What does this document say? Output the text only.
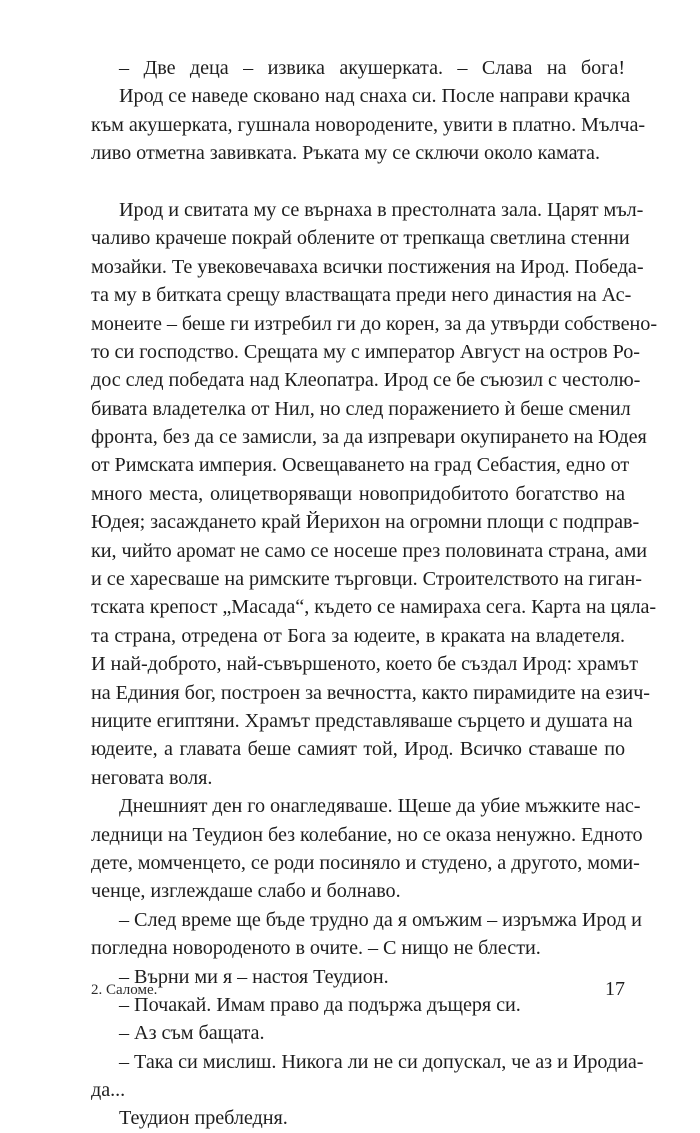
– Две деца – извика акушерката. – Слава на бога!
Ирод се наведе сковано над снаха си. После направи крачка
към акушерката, гушнала новородените, увити в платно. Мълча-
ливо отметна завивката. Ръката му се сключи около камата.
Ирод и свитата му се върнаха в престолната зала. Царят мъл-
чаливо крачеше покрай облените от трепкаща светлина стенни
мозайки. Те увековечаваха всички постижения на Ирод. Победа-
та му в битката срещу властващата преди него династия на Ас-
монеите – беше ги изтребил ги до корен, за да утвърди собствено-
то си господство. Срещата му с император Август на остров Ро-
дос след победата над Клеопатра. Ирод се бе съюзил с честолю-
бивата владетелка от Нил, но след поражението ѝ беше сменил
фронта, без да се замисли, за да изпревари окупирането на Юдея
от Римската империя. Освещаването на град Себастия, едно от
много места, олицетворяващи новопридобитото богатство на
Юдея; засаждането край Йерихон на огромни площи с подправ-
ки, чийто аромат не само се носеше през половината страна, ами
и се харесваше на римските търговци. Строителството на гиган-
тската крепост „Масада“, където се намираха сега. Карта на цяла-
та страна, отредена от Бога за юдеите, в краката на владетеля.
И най-доброто, най-съвършеното, което бе създал Ирод: храмът
на Единия бог, построен за вечността, както пирамидите на езич-
ниците египтяни. Храмът представляваше сърцето и душата на
юдеите, а главата беше самият той, Ирод. Всичко ставаше по
неговата воля.
Днешният ден го онагледяваше. Щеше да убие мъжките нас-
ледници на Теудион без колебание, но се оказа ненужно. Едното
дете, момченцето, се роди посиняло и студено, а другото, моми-
ченце, изглеждаше слабо и болнаво.
– След време ще бъде трудно да я омъжим – изръмжа Ирод и
погледна новороденото в очите. – С нищо не блести.
– Върни ми я – настоя Теудион.
– Почакай. Имам право да подържа дъщеря си.
– Аз съм бащата.
– Така си мислиш. Никога ли не си допускал, че аз и Иродиа-
да...
Теудион пребледня.
2. Саломе.	17
